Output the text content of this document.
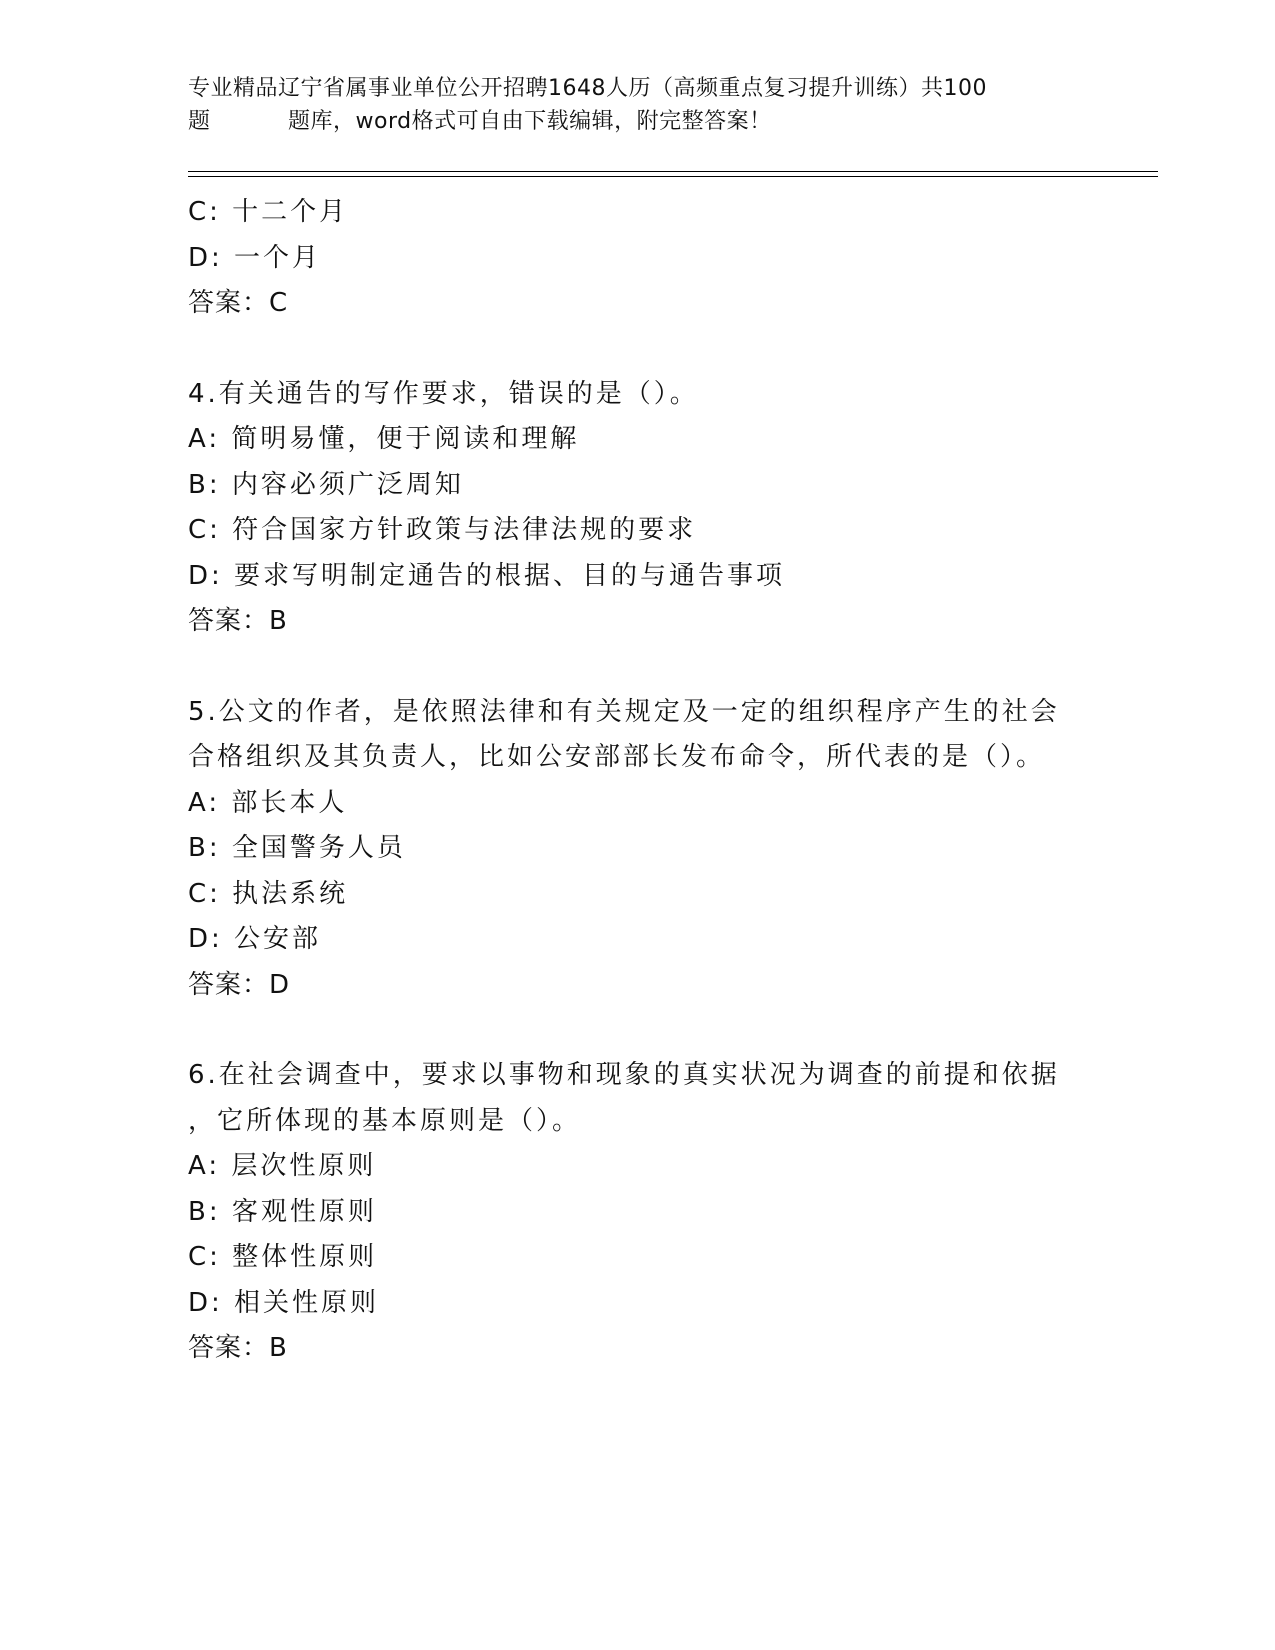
专业精品辽宁省属事业单位公开招聘1648人历（高频重点复习提升训练）共100
题	题库，word格式可自由下载编辑，附完整答案！
C: 十二个月
D: 一个月
答案：C
4.有关通告的写作要求，错误的是（）。
A: 简明易懂，便于阅读和理解
B: 内容必须广泛周知
C: 符合国家方针政策与法律法规的要求
D: 要求写明制定通告的根据、目的与通告事项
答案：B
5.公文的作者，是依照法律和有关规定及一定的组织程序产生的社会
合格组织及其负责人，比如公安部部长发布命令，所代表的是（）。
A: 部长本人
B: 全国警务人员
C: 执法系统
D: 公安部
答案：D
6.在社会调查中，要求以事物和现象的真实状况为调查的前提和依据
，它所体现的基本原则是（）。
A: 层次性原则
B: 客观性原则
C: 整体性原则
D: 相关性原则
答案：B
